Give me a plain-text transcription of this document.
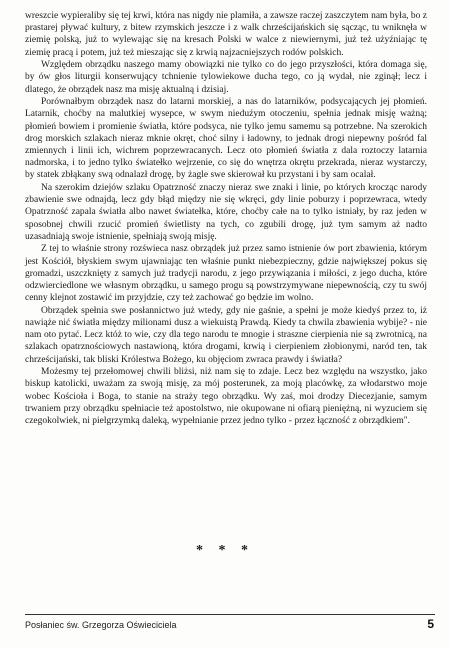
wreszcie wypieraliby się tej krwi, która nas nigdy nie plamiła, a zawsze raczej zaszczytem nam była, bo z prastarej pływać kultury, z bitew rzymskich jeszcze i z walk chrześcijańskich się sącząc, tu wniknęła w ziemię polską, już to wylewając się na kresach Polski w walce z niewiernymi, już też użyźniając tę ziemię pracą i potem, już też mieszając się z krwią najzacniejszych rodów polskich.

Względem obrządku naszego mamy obowiązki nie tylko co do jego przyszłości, która domaga się, by ów głos liturgii konserwujący tchnienie tylowiekowe ducha tego, co ją wydał, nie zginął; lecz i dlatego, że obrządek nasz ma misję aktualną i dzisiaj.

Porównałbym obrządek nasz do latarni morskiej, a nas do latarników, podsycających jej płomień. Latarnik, choćby na malutkiej wysepce, w swym nieduźym otoczeniu, spełnia jednak misję ważną; płomień bowiem i promienie światła, które podsyca, nie tylko jemu samemu są potrzebne. Na szerokich drog morskich szlakach nieraz mknie okręt, choć silny i ładowny, to jednak drogi niepewny pośród fal zmiennych i linii ich, wichrem poprzewracanych. Lecz oto płomień światła z dala roztoczy latarnia nadmorska, i to jedno tylko światełko wejrzenie, co się do wnętrza okrętu przekrada, nieraz wystarczy, by statek zbłąkany swą odnalazł drogę, by żagle swe skierował ku przystani i by sam ocalał.

Na szerokim dziejów szlaku Opatrzność znaczy nieraz swe znaki i linie, po których krocząc narody zbawienie swe odnajdą, lecz gdy błąd między nie się wkręci, gdy linie poburzy i poprzewraca, wtedy Opatrzność zapala światła albo nawet światełka, które, choćby całe na to tylko istniały, by raz jeden w sposobnej chwili rzucić promień świetlisty na tych, co zgubili drogę, już tym samym aż nadto uzasadniają swoje istnienie, spełniają swoją misję.

Z tej to właśnie strony rozświeca nasz obrządek już przez samo istnienie ów port zbawienia, którym jest Kościół, błyskiem swym ujawniając ten właśnie punkt niebezpieczny, gdzie największej pokus się gromadzi, uszczknięty z samych już tradycji narodu, z jego przywiązania i miłości, z jego ducha, które odzwierciedlone we własnym obrządku, u samego progu są powstrzymywane niepewnością, czy tu swój cenny klejnot zostawić im przyjdzie, czy też zachować go będzie im wolno.

Obrządek spełnia swe posłannictwo już wtedy, gdy nie gaśnie, a spełni je może kiedyś przez to, iż nawiąże nić światła między milionami dusz a wiekuistą Prawdą. Kiedy ta chwila zbawienia wybije? - nie nam oto pytać. Lecz któż to wie, czy dla tego narodu te mnogie i straszne cierpienia nie są zwrotnicą, na szlakach opatrznościowych nastawioną, która drogami, krwią i cierpieniem złobionymi, naród ten, tak chrześcijański, tak bliski Królestwa Bożego, ku objęciom zwraca prawdy i światła?

Możesmy tej przełomowej chwili bliżsi, niż nam się to zdaje. Lecz bez względu na wszystko, jako biskup katolicki, uważam za swoją misję, za mój posterunek, za moją placówkę, za włodarstwo moje wobec Kościoła i Boga, to stanie na straży tego obrządku. Wy zaś, moi drodzy Diecezjanie, samym trwaniem przy obrządku spełniacie też apostolstwo, nie okupowane ni ofiarą pieniężną, ni wyzuciem się czegokolwiek, ni pielgrzymką daleką, wypełnianie przez jedno tylko - przez łączność z obrządkiem".

* * *
Posłaniec św. Grzegorza Oświeciciela	5
